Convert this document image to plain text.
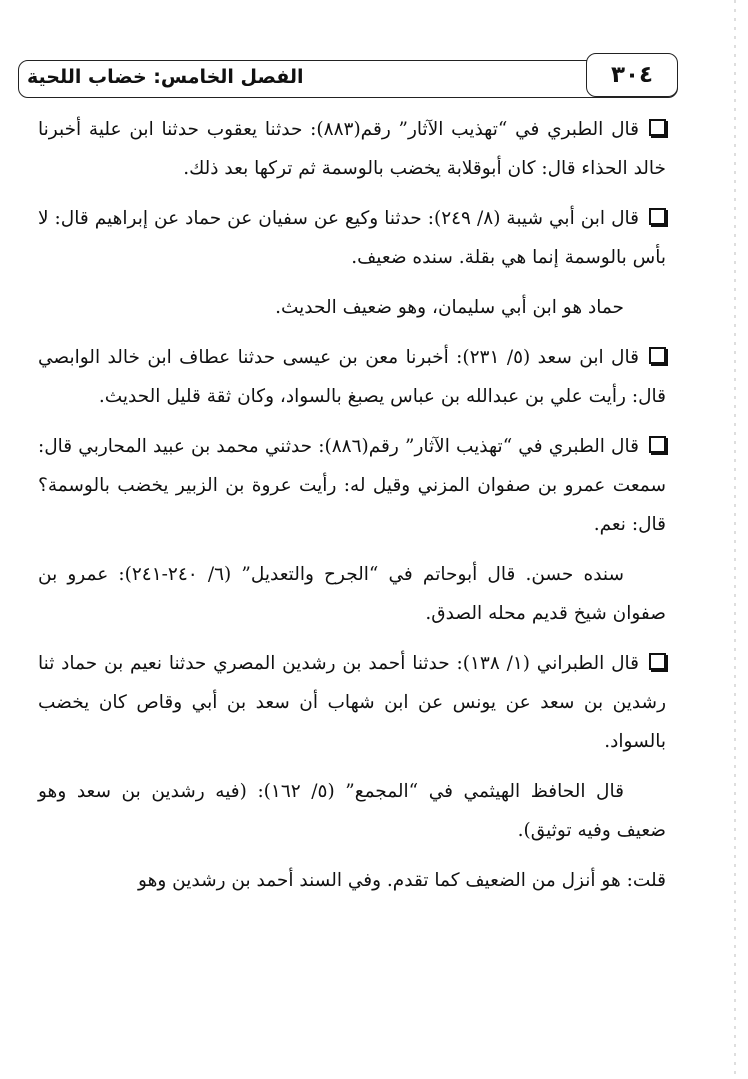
الفصل الخامس: خضاب اللحية	٣٠٤

قال الطبري في “تهذيب الآثار” رقم(٨٨٣): حدثنا يعقوب حدثنا ابن علية أخبرنا خالد الحذاء قال: كان أبوقلابة يخضب بالوسمة ثم تركها بعد ذلك.

قال ابن أبي شيبة (٨/ ٢٤٩): حدثنا وكيع عن سفيان عن حماد عن إبراهيم قال: لا بأس بالوسمة إنما هي بقلة. سنده ضعيف.

حماد هو ابن أبي سليمان، وهو ضعيف الحديث.

قال ابن سعد (٥/ ٢٣١): أخبرنا معن بن عيسى حدثنا عطاف ابن خالد الوابصي قال: رأيت علي بن عبدالله بن عباس يصبغ بالسواد، وكان ثقة قليل الحديث.

قال الطبري في “تهذيب الآثار” رقم(٨٨٦): حدثني محمد بن عبيد المحاربي قال: سمعت عمرو بن صفوان المزني وقيل له: رأيت عروة بن الزبير يخضب بالوسمة؟ قال: نعم.

سنده حسن. قال أبوحاتم في “الجرح والتعديل” (٦/ ٢٤٠-٢٤١): عمرو بن صفوان شيخ قديم محله الصدق.

قال الطبراني (١/ ١٣٨): حدثنا أحمد بن رشدين المصري حدثنا نعيم بن حماد ثنا رشدين بن سعد عن يونس عن ابن شهاب أن سعد بن أبي وقاص كان يخضب بالسواد.

قال الحافظ الهيثمي في “المجمع” (٥/ ١٦٢): (فيه رشدين بن سعد وهو ضعيف وفيه توثيق).

قلت: هو أنزل من الضعيف كما تقدم. وفي السند أحمد بن رشدين وهو
